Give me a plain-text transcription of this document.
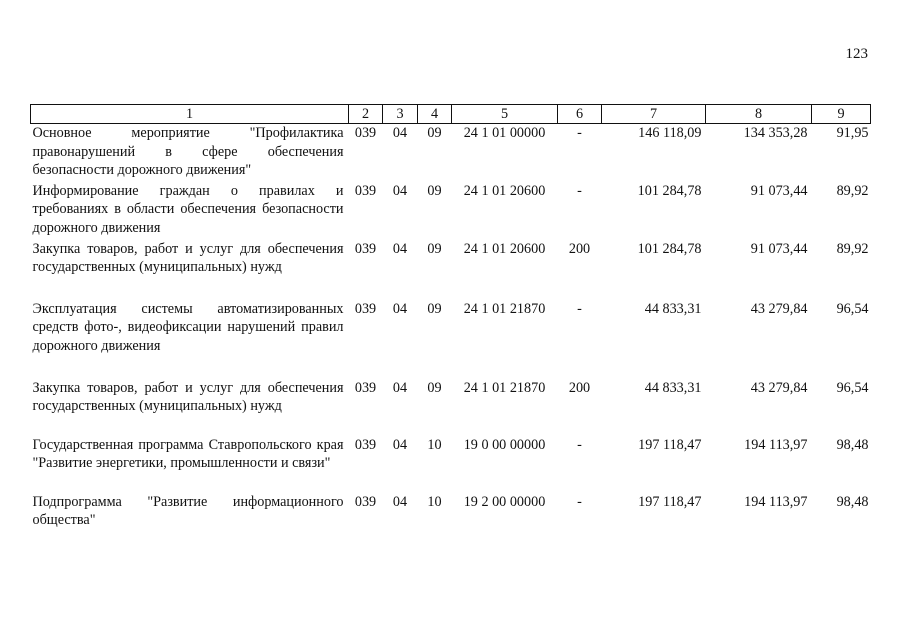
123
1	2	3	4	5	6	7	8	9
Основное мероприятие "Профилактика правонарушений в сфере обеспечения безопасности дорожного движения"	039	04	09	24 1 01 00000	-	146 118,09	134 353,28	91,95
Информирование граждан о правилах и требованиях в области обеспечения безопасности дорожного движения	039	04	09	24 1 01 20600	-	101 284,78	91 073,44	89,92
Закупка товаров, работ и услуг для обеспечения государственных (муниципальных) нужд	039	04	09	24 1 01 20600	200	101 284,78	91 073,44	89,92
Эксплуатация системы автоматизированных средств фото-, видеофиксации нарушений правил дорожного движения	039	04	09	24 1 01 21870	-	44 833,31	43 279,84	96,54
Закупка товаров, работ и услуг для обеспечения государственных (муниципальных) нужд	039	04	09	24 1 01 21870	200	44 833,31	43 279,84	96,54
Государственная программа Ставропольского края "Развитие энергетики, промышленности и связи"	039	04	10	19 0 00 00000	-	197 118,47	194 113,97	98,48
Подпрограмма "Развитие информационного общества"	039	04	10	19 2 00 00000	-	197 118,47	194 113,97	98,48
